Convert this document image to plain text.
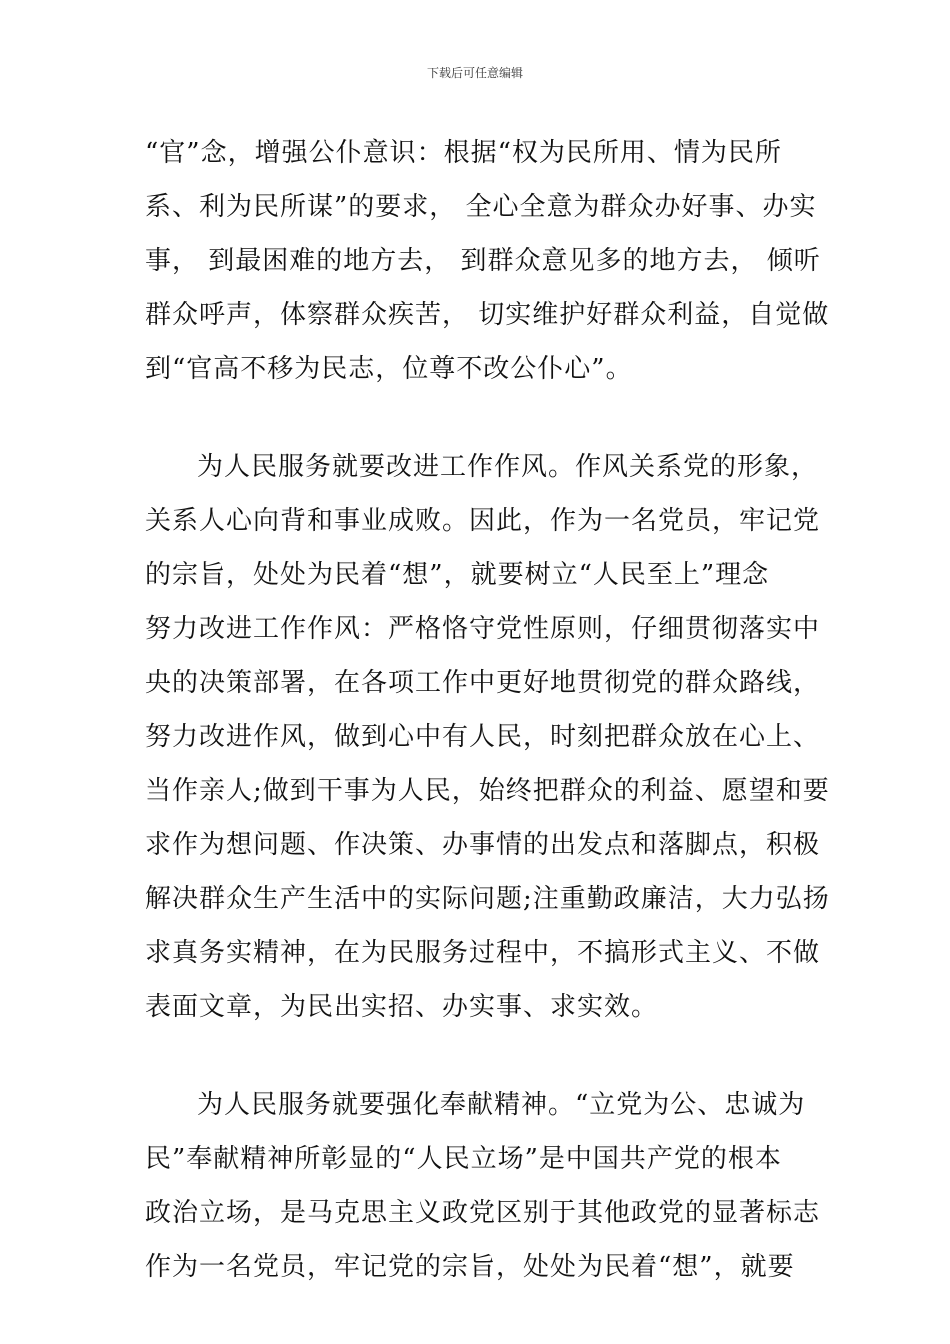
下载后可任意编辑
“官”念，增强公仆意识：根据“权为民所用、情为民所
系、利为民所谋”的要求， 全心全意为群众办好事、办实
事， 到最困难的地方去， 到群众意见多的地方去， 倾听
群众呼声，体察群众疾苦， 切实维护好群众利益，自觉做
到“官高不移为民志，位尊不改公仆心”。
为人民服务就要改进工作作风。作风关系党的形象，
关系人心向背和事业成败。因此，作为一名党员，牢记党
的宗旨，处处为民着“想”，就要树立“人民至上”理念
努力改进工作作风：严格恪守党性原则，仔细贯彻落实中
央的决策部署，在各项工作中更好地贯彻党的群众路线，
努力改进作风，做到心中有人民，时刻把群众放在心上、
当作亲人;做到干事为人民，始终把群众的利益、愿望和要
求作为想问题、作决策、办事情的出发点和落脚点，积极
解决群众生产生活中的实际问题;注重勤政廉洁，大力弘扬
求真务实精神，在为民服务过程中，不搞形式主义、不做
表面文章，为民出实招、办实事、求实效。
为人民服务就要强化奉献精神。“立党为公、忠诚为
民”奉献精神所彰显的“人民立场”是中国共产党的根本
政治立场，是马克思主义政党区别于其他政党的显著标志
作为一名党员，牢记党的宗旨，处处为民着“想”，就要
